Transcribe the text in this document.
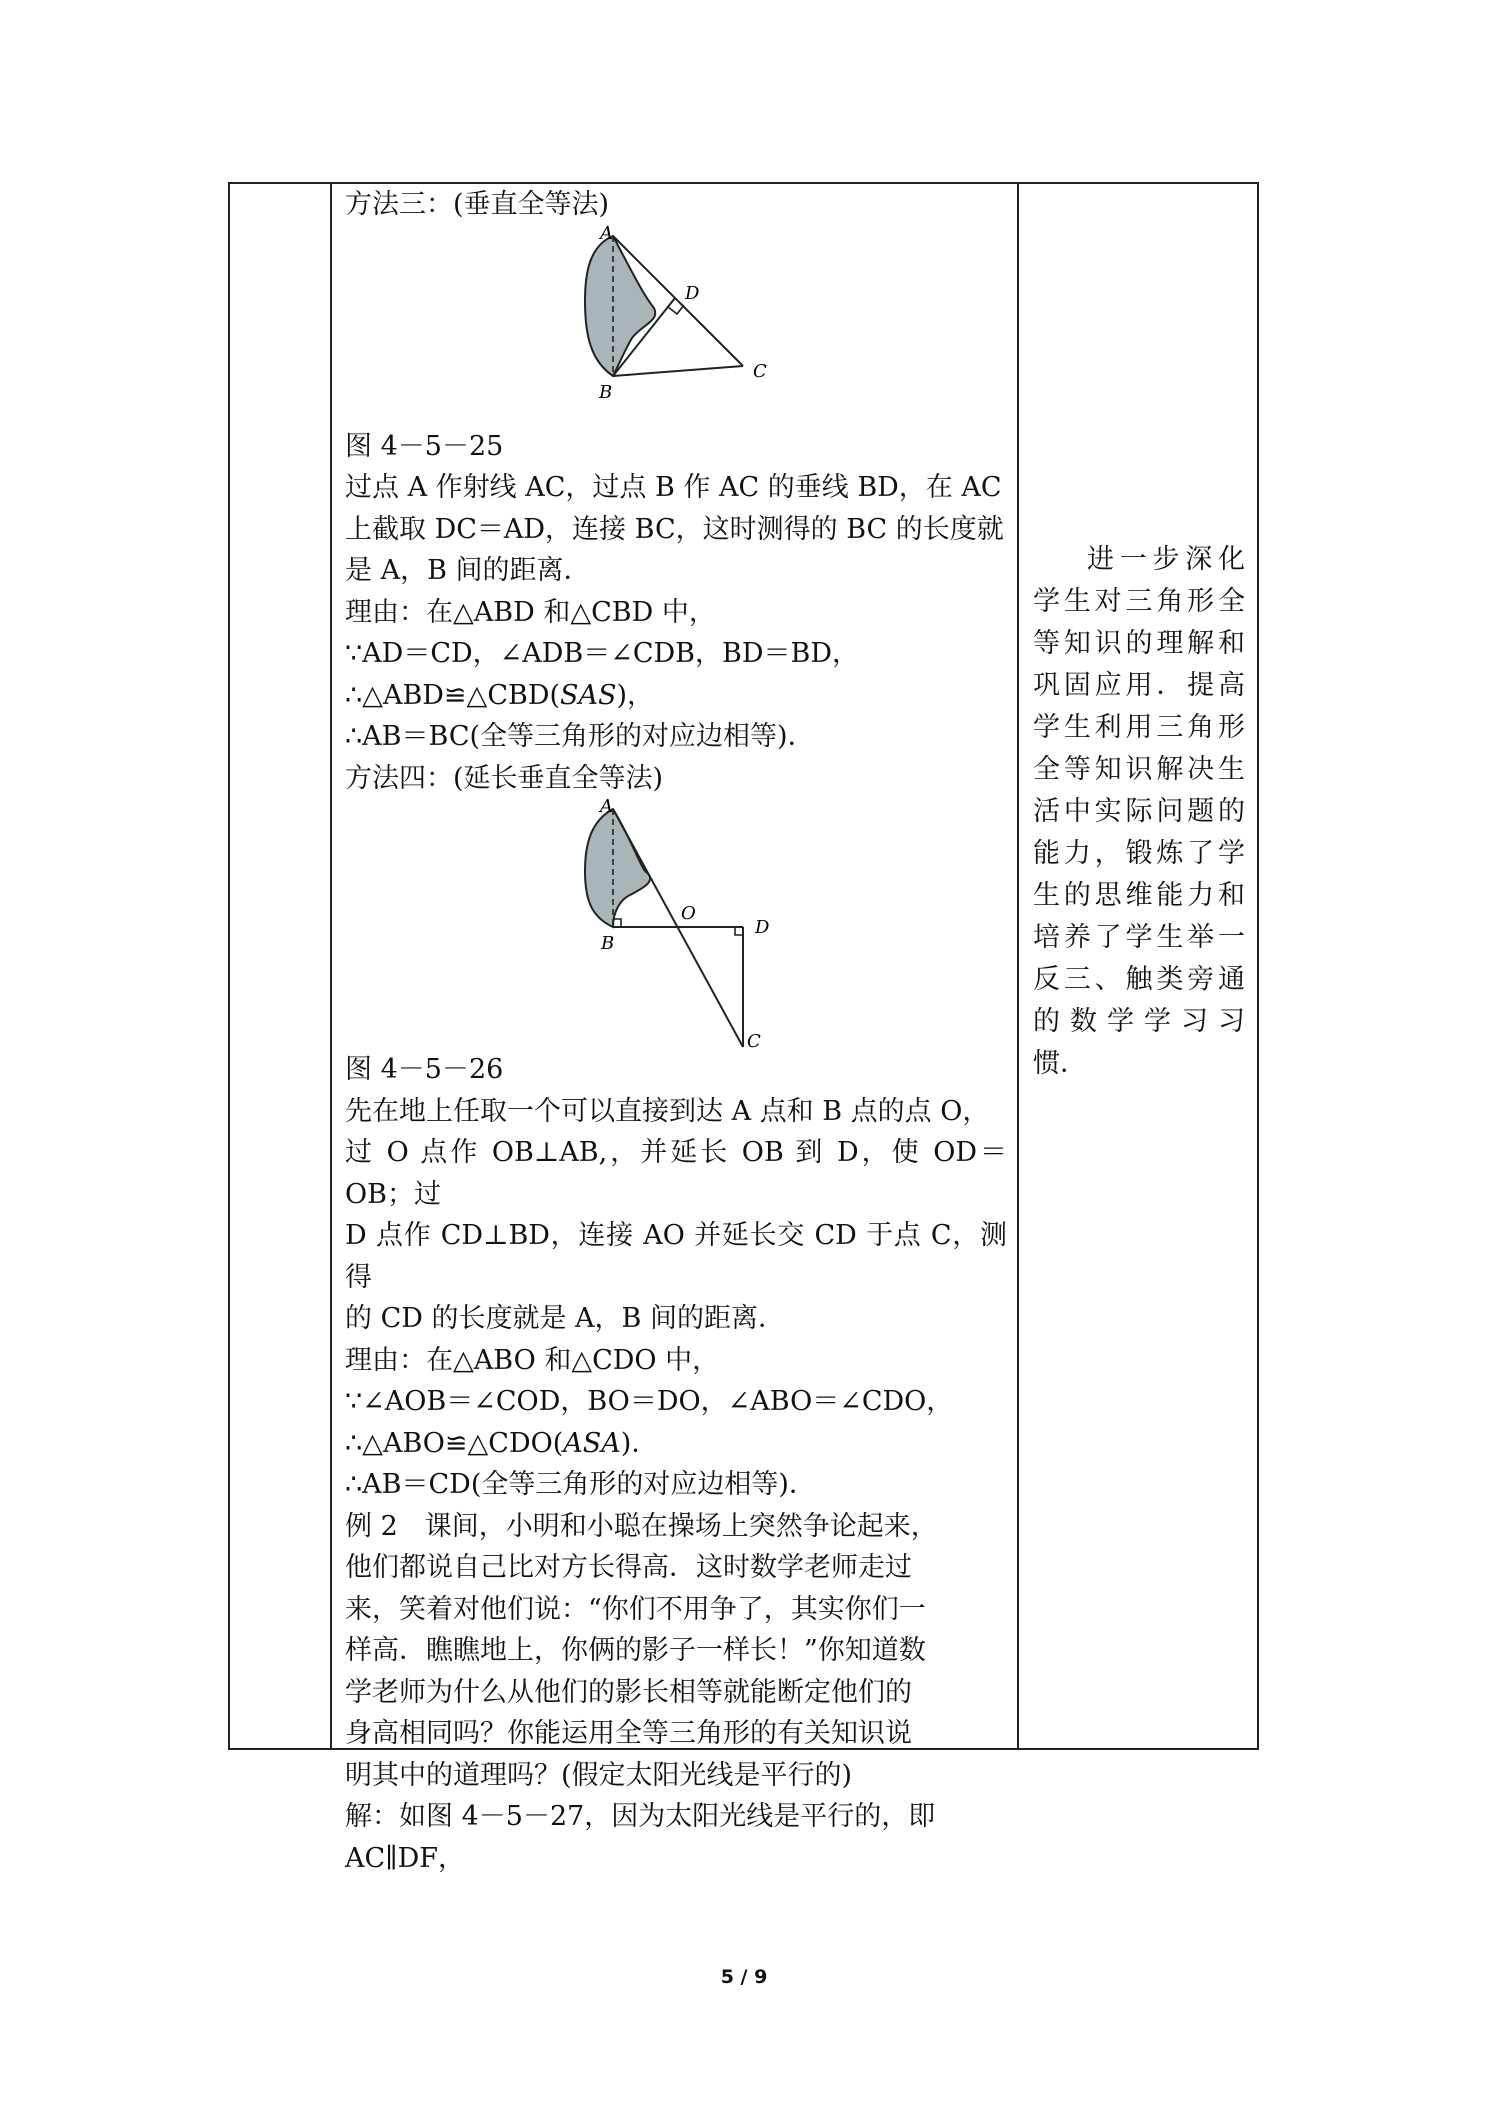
方法三：(垂直全等法)

A
B
C
D

图 4－5－25

过点 A 作射线 AC，过点 B 作 AC 的垂线 BD，在 AC

上截取 DC＝AD，连接 BC，这时测得的 BC 的长度就

是 A，B 间的距离．

理由：在△ABD 和△CBD 中，

∵AD＝CD，∠ADB＝∠CDB，BD＝BD，

∴△ABD≌△CBD(SAS)，

∴AB＝BC(全等三角形的对应边相等)．

方法四：(延长垂直全等法)

A
B
O
D
C

图 4－5－26

先在地上任取一个可以直接到达 A 点和 B 点的点 O，

过 O 点作 OB⊥AB,，并延长 OB 到 D，使 OD＝OB；过

D 点作 CD⊥BD，连接 AO 并延长交 CD 于点 C，测得

的 CD 的长度就是 A，B 间的距离．

理由：在△ABO 和△CDO 中，

∵∠AOB＝∠COD，BO＝DO，∠ABO＝∠CDO，

∴△ABO≌△CDO(ASA)．

∴AB＝CD(全等三角形的对应边相等)．

例 2　课间，小明和小聪在操场上突然争论起来，

他们都说自己比对方长得高．这时数学老师走过

来，笑着对他们说：“你们不用争了，其实你们一

样高．瞧瞧地上，你俩的影子一样长！”你知道数

学老师为什么从他们的影长相等就能断定他们的

身高相同吗？你能运用全等三角形的有关知识说

明其中的道理吗？(假定太阳光线是平行的)

解：如图 4－5－27，因为太阳光线是平行的，即

AC∥DF，

进一步深化学生对三角形全等知识的理解和巩固应用．提高学生利用三角形全等知识解决生活中实际问题的能力，锻炼了学生的思维能力和培养了学生举一反三、触类旁通的数学学习习惯．
5 / 9
